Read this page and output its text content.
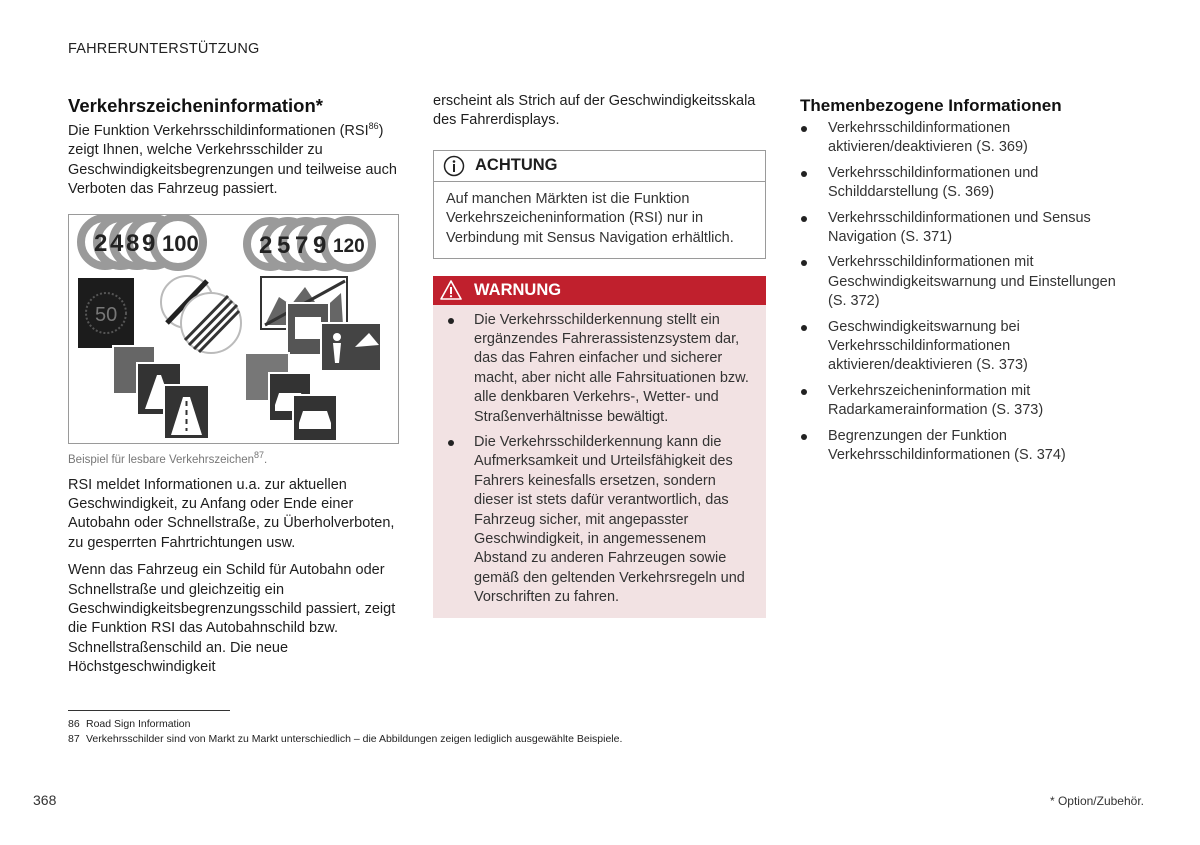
FAHRERUNTERSTÜTZUNG
Verkehrszeicheninformation*

Die Funktion Verkehrsschildinformationen (RSI$^{86}$) zeigt Ihnen, welche Verkehrsschilder zu Geschwindigkeitsbegrenzungen und teilweise auch Verboten das Fahrzeug passiert.

2 4 8 9 100	2 5 7 9 120
50
Beispiel für lesbare Verkehrszeichen$^{87}$.

RSI meldet Informationen u.a. zur aktuellen Geschwindigkeit, zu Anfang oder Ende einer Autobahn oder Schnellstraße, zu Überholverboten, zu gesperrten Fahrtrichtungen usw.

Wenn das Fahrzeug ein Schild für Autobahn oder Schnellstraße und gleichzeitig ein Geschwindigkeitsbegrenzungsschild passiert, zeigt die Funktion RSI das Autobahnschild bzw. Schnellstraßenschild an. Die neue Höchstgeschwindigkeit

erscheint als Strich auf der Geschwindigkeitsskala des Fahrerdisplays.

ACHTUNG
Auf manchen Märkten ist die Funktion Verkehrszeicheninformation (RSI) nur in Verbindung mit Sensus Navigation erhältlich.
WARNUNG
Die Verkehrsschilderkennung stellt ein ergänzendes Fahrerassistenzsystem dar, das das Fahren einfacher und sicherer macht, aber nicht alle Fahrsituationen bzw. alle denkbaren Verkehrs-, Wetter- und Straßenverhältnisse bewältigt.
Die Verkehrsschilderkennung kann die Aufmerksamkeit und Urteilsfähigkeit des Fahrers keinesfalls ersetzen, sondern dieser ist stets dafür verantwortlich, das Fahrzeug sicher, mit angepasster Geschwindigkeit, in angemessenem Abstand zu anderen Fahrzeugen sowie gemäß den geltenden Verkehrsregeln und Vorschriften zu fahren.
Themenbezogene Informationen
Verkehrsschildinformationen aktivieren/deaktivieren (S. 369)
Verkehrsschildinformationen und Schilddarstellung (S. 369)
Verkehrsschildinformationen und Sensus Navigation (S. 371)
Verkehrsschildinformationen mit Geschwindigkeitswarnung und Einstellungen (S. 372)
Geschwindigkeitswarnung bei Verkehrsschildinformationen aktivieren/deaktivieren (S. 373)
Verkehrszeicheninformation mit Radarkamerainformation (S. 373)
Begrenzungen der Funktion Verkehrsschildinformationen (S. 374)
86 Road Sign Information
87 Verkehrsschilder sind von Markt zu Markt unterschiedlich – die Abbildungen zeigen lediglich ausgewählte Beispiele.
368	* Option/Zubehör.
